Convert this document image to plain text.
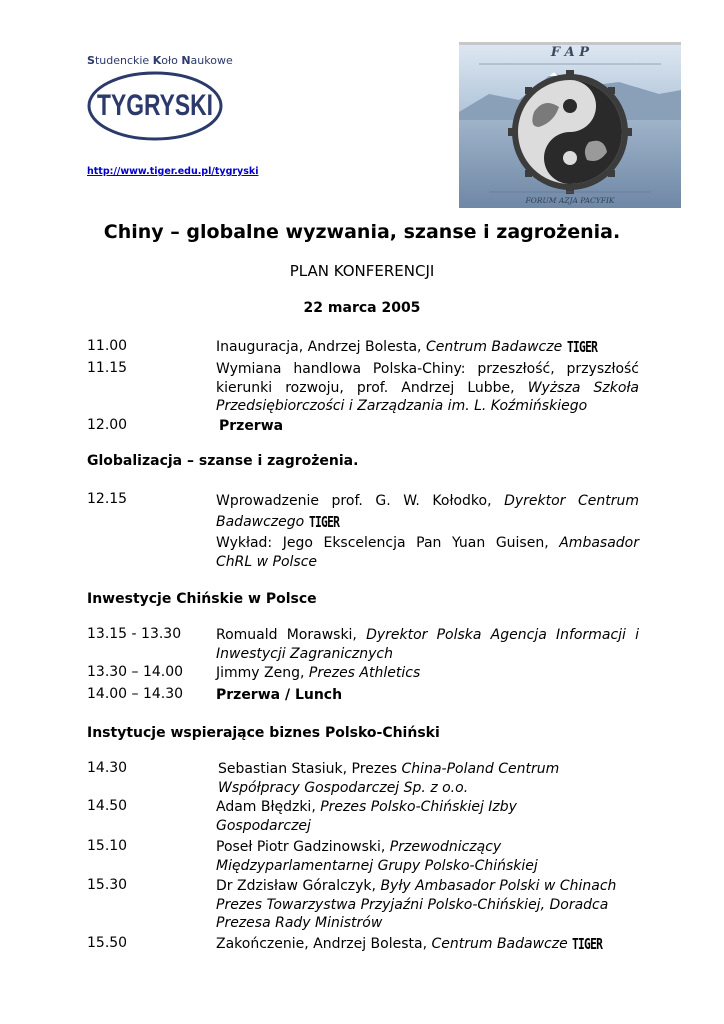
Studenckie Koło Naukowe
TYGRYSKI
http://www.tiger.edu.pl/tygryski
F A P
FORUM AZJA PACYFIK
Chiny – globalne wyzwania, szanse i zagrożenia.
PLAN KONFERENCJI
22 marca 2005
11.00	Inauguracja, Andrzej Bolesta, Centrum Badawcze TIGER
11.15	Wymiana handlowa Polska-Chiny: przeszłość, przyszłość kierunki rozwoju, prof. Andrzej Lubbe, Wyższa Szkoła Przedsiębiorczości i Zarządzania im. L. Koźmińskiego
12.00	Przerwa
Globalizacja – szanse i zagrożenia.
12.15	Wprowadzenie prof. G. W. Kołodko, Dyrektor Centrum Badawczego TIGER
Wykład: Jego Ekscelencja Pan Yuan Guisen, Ambasador ChRL w Polsce
Inwestycje Chińskie w Polsce
13.15 - 13.30	Romuald Morawski, Dyrektor Polska Agencja Informacji i Inwestycji Zagranicznych
13.30 – 14.00	Jimmy Zeng, Prezes Athletics
14.00 – 14.30	Przerwa / Lunch
Instytucje wspierające biznes Polsko-Chiński
14.30	Sebastian Stasiuk, Prezes China-Poland Centrum
Współpracy Gospodarczej Sp. z o.o.
14.50	Adam Błędzki, Prezes Polsko-Chińskiej Izby
Gospodarczej
15.10	Poseł Piotr Gadzinowski, Przewodniczący
Międzyparlamentarnej Grupy Polsko-Chińskiej
15.30	Dr Zdzisław Góralczyk, Były Ambasador Polski w Chinach
Prezes Towarzystwa Przyjaźni Polsko-Chińskiej, Doradca
Prezesa Rady Ministrów
15.50	Zakończenie, Andrzej Bolesta, Centrum Badawcze TIGER
